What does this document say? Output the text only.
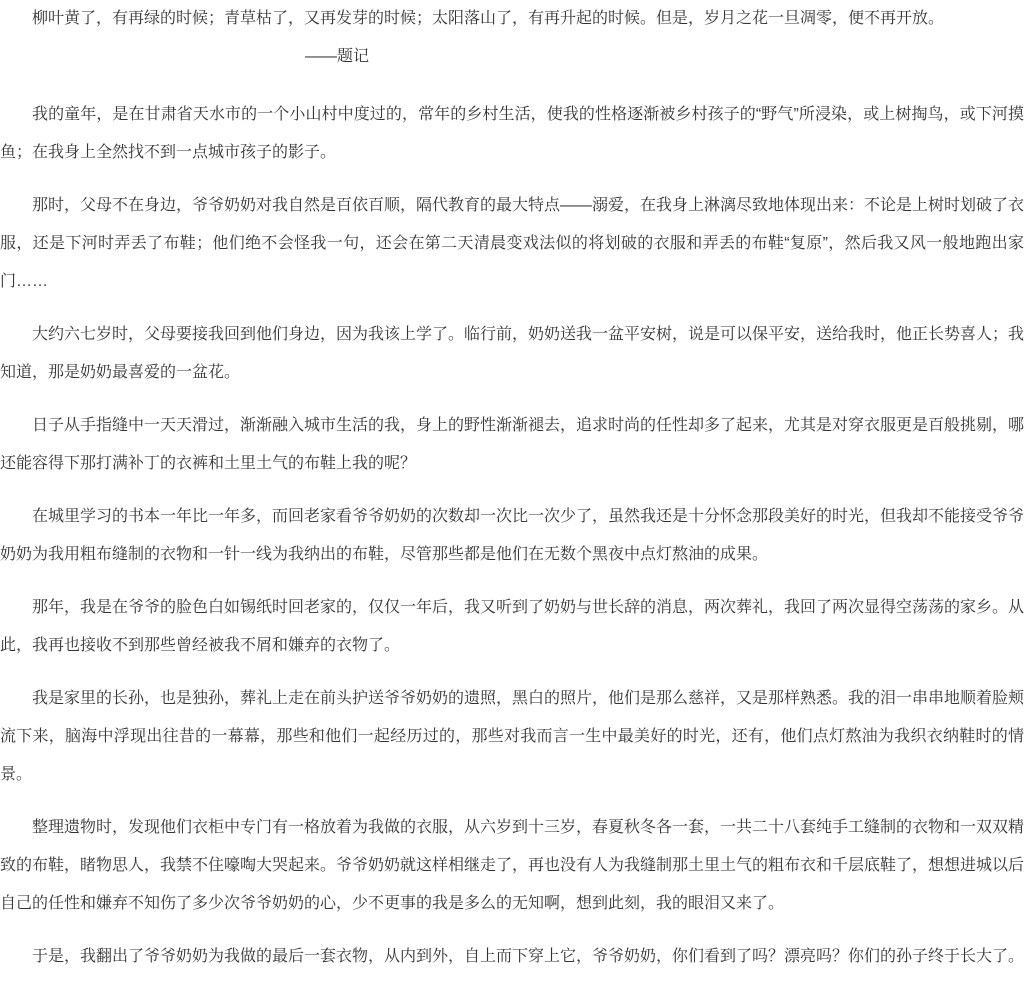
柳叶黄了，有再绿的时候；青草枯了，又再发芽的时候；太阳落山了，有再升起的时候。但是，岁月之花一旦凋零，便不再开放。

——题记

我的童年，是在甘肃省天水市的一个小山村中度过的，常年的乡村生活，使我的性格逐渐被乡村孩子的“野气”所浸染，或上树掏鸟，或下河摸鱼；在我身上全然找不到一点城市孩子的影子。

那时，父母不在身边，爷爷奶奶对我自然是百依百顺，隔代教育的最大特点——溺爱，在我身上淋漓尽致地体现出来：不论是上树时划破了衣服，还是下河时弄丢了布鞋；他们绝不会怪我一句，还会在第二天清晨变戏法似的将划破的衣服和弄丢的布鞋“复原”，然后我又风一般地跑出家门……

大约六七岁时，父母要接我回到他们身边，因为我该上学了。临行前，奶奶送我一盆平安树，说是可以保平安，送给我时，他正长势喜人；我知道，那是奶奶最喜爱的一盆花。

日子从手指缝中一天天滑过，渐渐融入城市生活的我，身上的野性渐渐褪去，追求时尚的任性却多了起来，尤其是对穿衣服更是百般挑剔，哪还能容得下那打满补丁的衣裤和土里土气的布鞋上我的呢？

在城里学习的书本一年比一年多，而回老家看爷爷奶奶的次数却一次比一次少了，虽然我还是十分怀念那段美好的时光，但我却不能接受爷爷奶奶为我用粗布缝制的衣物和一针一线为我纳出的布鞋，尽管那些都是他们在无数个黑夜中点灯熬油的成果。

那年，我是在爷爷的脸色白如锡纸时回老家的，仅仅一年后，我又听到了奶奶与世长辞的消息，两次葬礼，我回了两次显得空荡荡的家乡。从此，我再也接收不到那些曾经被我不屑和嫌弃的衣物了。

我是家里的长孙，也是独孙，葬礼上走在前头护送爷爷奶奶的遗照，黑白的照片，他们是那么慈祥，又是那样熟悉。我的泪一串串地顺着脸颊流下来，脑海中浮现出往昔的一幕幕，那些和他们一起经历过的，那些对我而言一生中最美好的时光，还有，他们点灯熬油为我织衣纳鞋时的情景。

整理遗物时，发现他们衣柜中专门有一格放着为我做的衣服，从六岁到十三岁，春夏秋冬各一套，一共二十八套纯手工缝制的衣物和一双双精致的布鞋，睹物思人，我禁不住嚎啕大哭起来。爷爷奶奶就这样相继走了，再也没有人为我缝制那土里土气的粗布衣和千层底鞋了，想想进城以后自己的任性和嫌弃不知伤了多少次爷爷奶奶的心，少不更事的我是多么的无知啊，想到此刻，我的眼泪又来了。

于是，我翻出了爷爷奶奶为我做的最后一套衣物，从内到外，自上而下穿上它，爷爷奶奶，你们看到了吗？漂亮吗？你们的孙子终于长大了。
